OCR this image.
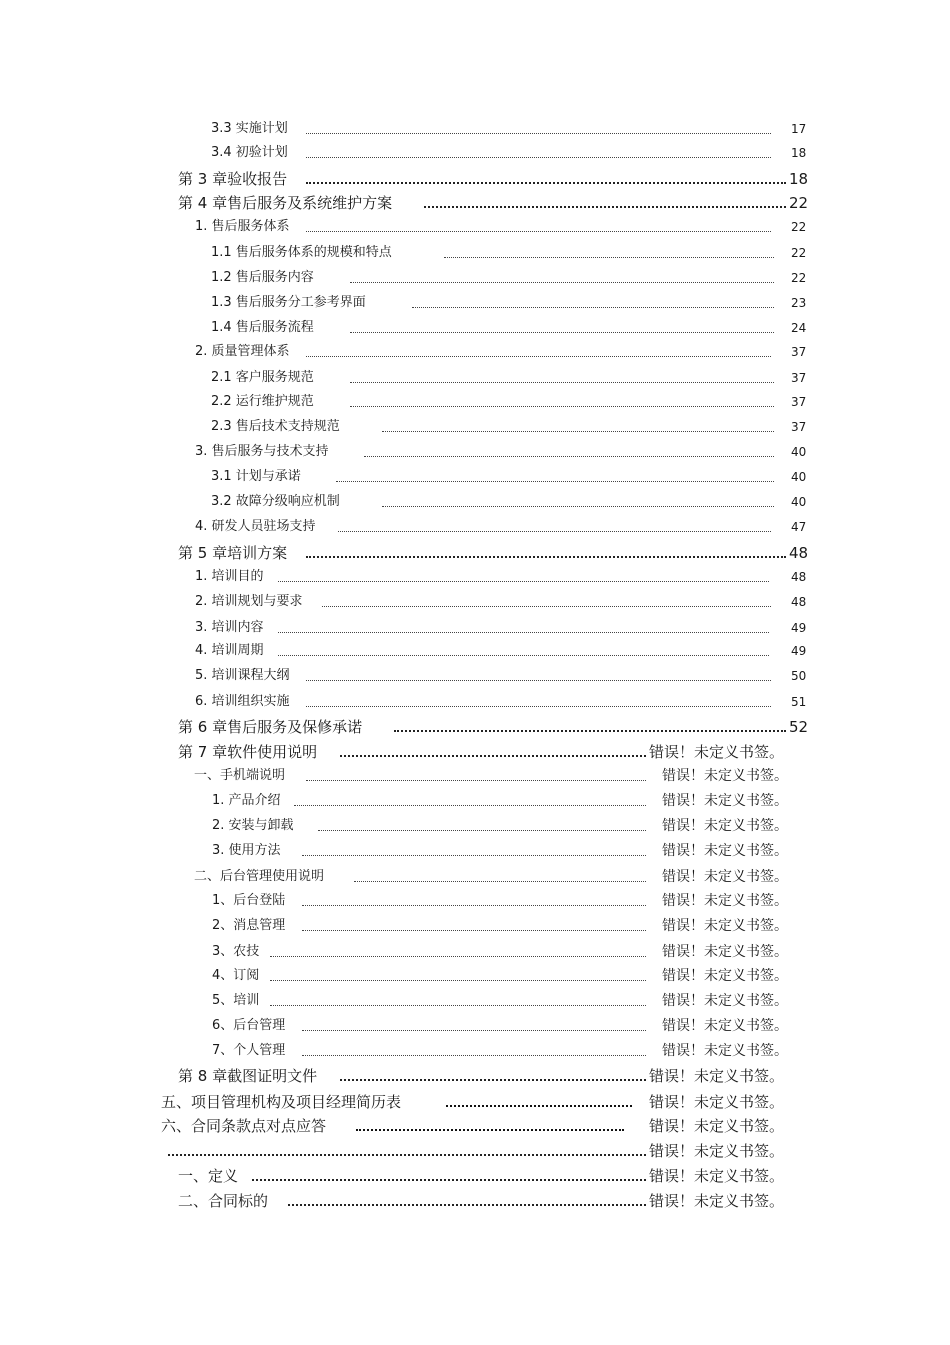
3.3 实施计划	17
3.4 初验计划	18
第 3 章验收报告	18
第 4 章售后服务及系统维护方案	22
1. 售后服务体系	22
1.1 售后服务体系的规模和特点	22
1.2 售后服务内容	22
1.3 售后服务分工参考界面	23
1.4 售后服务流程	24
2. 质量管理体系	37
2.1 客户服务规范	37
2.2 运行维护规范	37
2.3 售后技术支持规范	37
3. 售后服务与技术支持	40
3.1 计划与承诺	40
3.2 故障分级响应机制	40
4. 研发人员驻场支持	47
第 5 章培训方案	48
1. 培训目的	48
2. 培训规划与要求	48
3. 培训内容	49
4. 培训周期	49
5. 培训课程大纲	50
6. 培训组织实施	51
第 6 章售后服务及保修承诺	52
第 7 章软件使用说明	错误！未定义书签。
一、手机端说明	错误！未定义书签。
1. 产品介绍	错误！未定义书签。
2. 安装与卸载	错误！未定义书签。
3. 使用方法	错误！未定义书签。
二、后台管理使用说明	错误！未定义书签。
1、后台登陆	错误！未定义书签。
2、消息管理	错误！未定义书签。
3、农技	错误！未定义书签。
4、订阅	错误！未定义书签。
5、培训	错误！未定义书签。
6、后台管理	错误！未定义书签。
7、个人管理	错误！未定义书签。
第 8 章截图证明文件	错误！未定义书签。
五、项目管理机构及项目经理简历表	错误！未定义书签。
六、合同条款点对点应答	错误！未定义书签。
错误！未定义书签。
一、定义	错误！未定义书签。
二、合同标的	错误！未定义书签。
